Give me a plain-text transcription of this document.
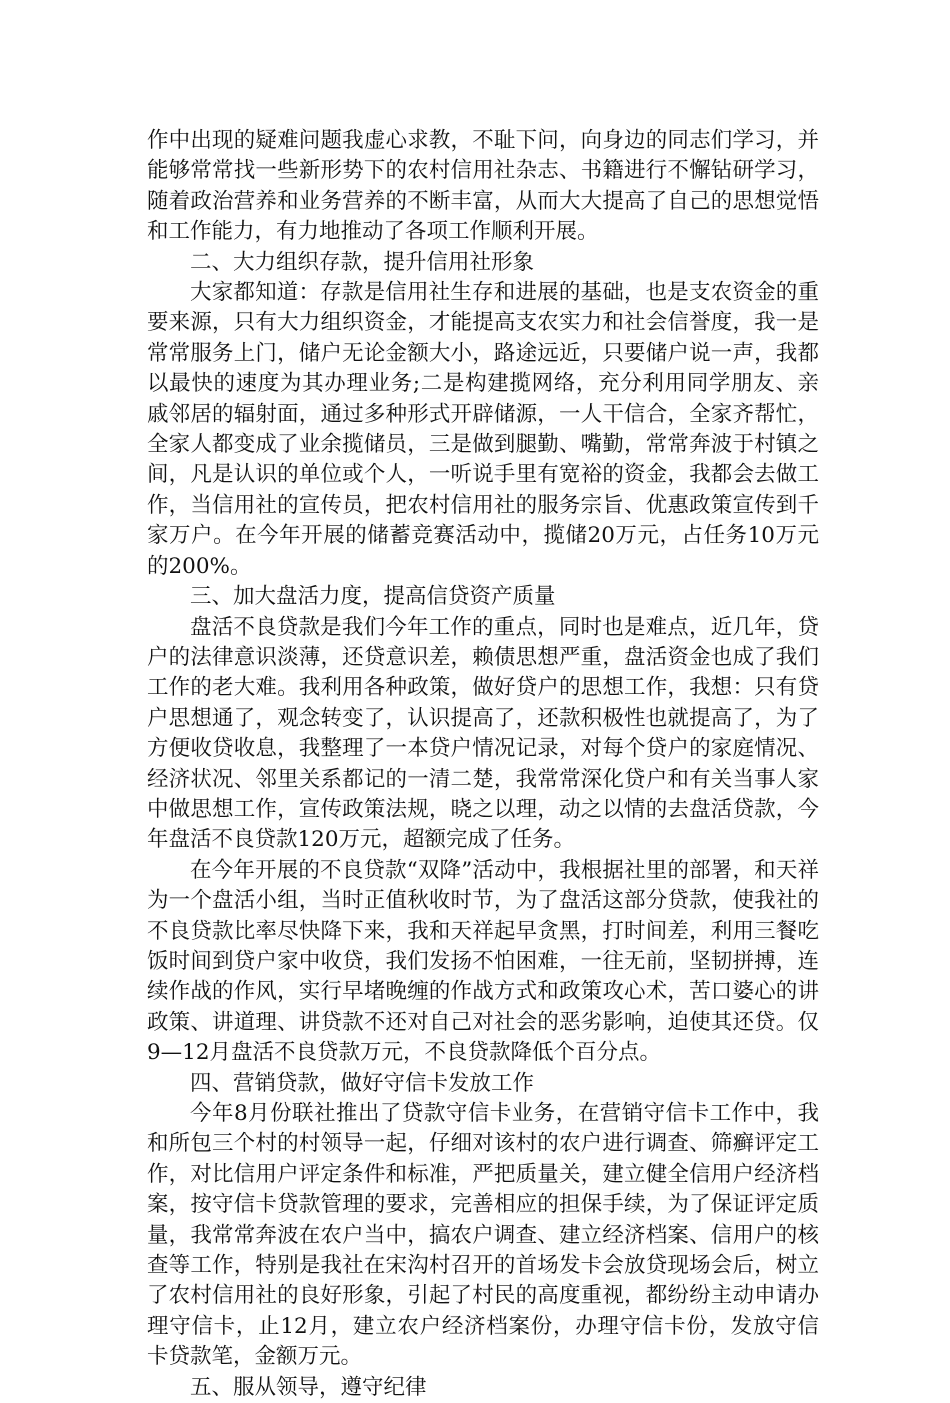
作中出现的疑难问题我虚心求教，不耻下问，向身边的同志们学习，并能够常常找一些新形势下的农村信用社杂志、书籍进行不懈钻研学习，随着政治营养和业务营养的不断丰富，从而大大提高了自己的思想觉悟和工作能力，有力地推动了各项工作顺利开展。

二、大力组织存款，提升信用社形象

大家都知道：存款是信用社生存和进展的基础，也是支农资金的重要来源，只有大力组织资金，才能提高支农实力和社会信誉度，我一是常常服务上门，储户无论金额大小，路途远近，只要储户说一声，我都以最快的速度为其办理业务;二是构建揽网络，充分利用同学朋友、亲戚邻居的辐射面，通过多种形式开辟储源，一人干信合，全家齐帮忙，全家人都变成了业余揽储员，三是做到腿勤、嘴勤，常常奔波于村镇之间，凡是认识的单位或个人，一听说手里有宽裕的资金，我都会去做工作，当信用社的宣传员，把农村信用社的服务宗旨、优惠政策宣传到千家万户。在今年开展的储蓄竞赛活动中，揽储20万元，占任务10万元的200%。

三、加大盘活力度，提高信贷资产质量

盘活不良贷款是我们今年工作的重点，同时也是难点，近几年，贷户的法律意识淡薄，还贷意识差，赖债思想严重，盘活资金也成了我们工作的老大难。我利用各种政策，做好贷户的思想工作，我想：只有贷户思想通了，观念转变了，认识提高了，还款积极性也就提高了，为了方便收贷收息，我整理了一本贷户情况记录，对每个贷户的家庭情况、经济状况、邻里关系都记的一清二楚，我常常深化贷户和有关当事人家中做思想工作，宣传政策法规，晓之以理，动之以情的去盘活贷款，今年盘活不良贷款120万元，超额完成了任务。

在今年开展的不良贷款“双降”活动中，我根据社里的部署，和天祥为一个盘活小组，当时正值秋收时节，为了盘活这部分贷款，使我社的不良贷款比率尽快降下来，我和天祥起早贪黑，打时间差，利用三餐吃饭时间到贷户家中收贷，我们发扬不怕困难，一往无前，坚韧拼搏，连续作战的作风，实行早堵晚缠的作战方式和政策攻心术，苦口婆心的讲政策、讲道理、讲贷款不还对自己对社会的恶劣影响，迫使其还贷。仅9—12月盘活不良贷款万元，不良贷款降低个百分点。

四、营销贷款，做好守信卡发放工作

今年8月份联社推出了贷款守信卡业务，在营销守信卡工作中，我和所包三个村的村领导一起，仔细对该村的农户进行调查、筛癣评定工作，对比信用户评定条件和标准，严把质量关，建立健全信用户经济档案，按守信卡贷款管理的要求，完善相应的担保手续，为了保证评定质量，我常常奔波在农户当中，搞农户调查、建立经济档案、信用户的核查等工作，特别是我社在宋沟村召开的首场发卡会放贷现场会后，树立了农村信用社的良好形象，引起了村民的高度重视，都纷纷主动申请办理守信卡，止12月，建立农户经济档案份，办理守信卡份，发放守信卡贷款笔，金额万元。

五、服从领导，遵守纪律
